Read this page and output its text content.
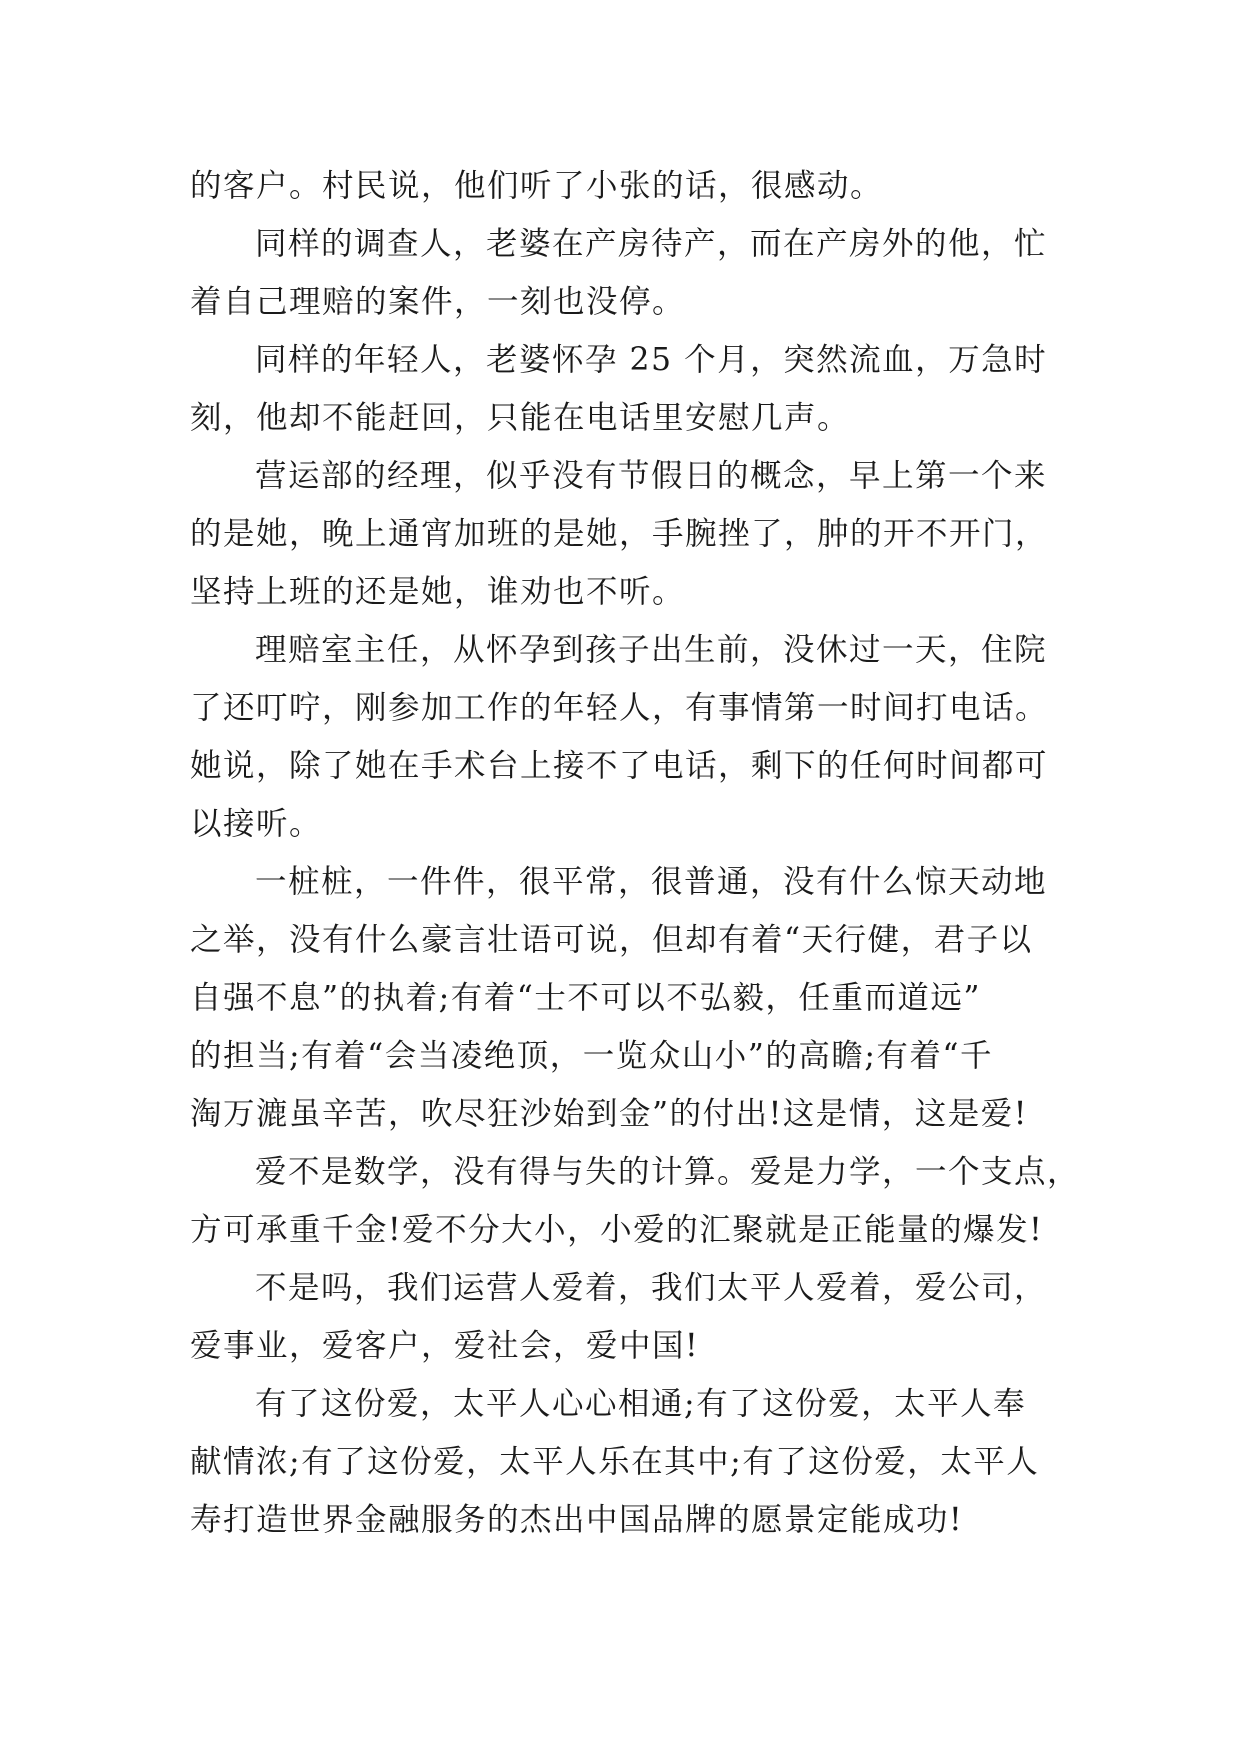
的客户。村民说，他们听了小张的话，很感动。
同样的调查人，老婆在产房待产，而在产房外的他，忙
着自己理赔的案件，一刻也没停。
同样的年轻人，老婆怀孕 25 个月，突然流血，万急时
刻，他却不能赶回，只能在电话里安慰几声。
营运部的经理，似乎没有节假日的概念，早上第一个来
的是她，晚上通宵加班的是她，手腕挫了，肿的开不开门，
坚持上班的还是她，谁劝也不听。
理赔室主任，从怀孕到孩子出生前，没休过一天，住院
了还叮咛，刚参加工作的年轻人，有事情第一时间打电话。
她说，除了她在手术台上接不了电话，剩下的任何时间都可
以接听。
一桩桩，一件件，很平常，很普通，没有什么惊天动地
之举，没有什么豪言壮语可说，但却有着“天行健，君子以
自强不息”的执着;有着“士不可以不弘毅，任重而道远”
的担当;有着“会当凌绝顶，一览众山小”的高瞻;有着“千
淘万漉虽辛苦，吹尽狂沙始到金”的付出!这是情，这是爱!
爱不是数学，没有得与失的计算。爱是力学，一个支点，
方可承重千金!爱不分大小，小爱的汇聚就是正能量的爆发!
不是吗，我们运营人爱着，我们太平人爱着，爱公司，
爱事业，爱客户，爱社会，爱中国!
有了这份爱，太平人心心相通;有了这份爱，太平人奉
献情浓;有了这份爱，太平人乐在其中;有了这份爱，太平人
寿打造世界金融服务的杰出中国品牌的愿景定能成功!
